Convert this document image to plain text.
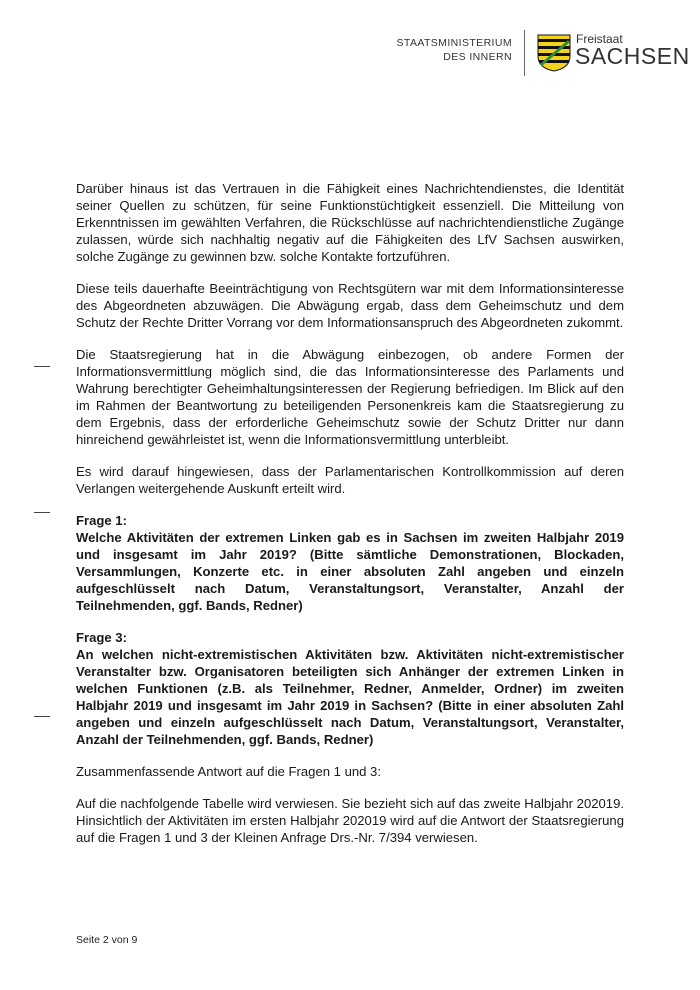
STAATSMINISTERIUM
DES INNERN
Freistaat
SACHSEN

Darüber hinaus ist das Vertrauen in die Fähigkeit eines Nachrichtendienstes, die Identität seiner Quellen zu schützen, für seine Funktionstüchtigkeit essenziell. Die Mitteilung von Erkenntnissen im gewählten Verfahren, die Rückschlüsse auf nachrichtendienstliche Zugänge zulassen, würde sich nachhaltig negativ auf die Fähigkeiten des LfV Sachsen auswirken, solche Zugänge zu gewinnen bzw. solche Kontakte fortzuführen.

Diese teils dauerhafte Beeinträchtigung von Rechtsgütern war mit dem Informationsinteresse des Abgeordneten abzuwägen. Die Abwägung ergab, dass dem Geheimschutz und dem Schutz der Rechte Dritter Vorrang vor dem Informationsanspruch des Abgeordneten zukommt.

Die Staatsregierung hat in die Abwägung einbezogen, ob andere Formen der Informationsvermittlung möglich sind, die das Informationsinteresse des Parlaments und Wahrung berechtigter Geheimhaltungsinteressen der Regierung befriedigen. Im Blick auf den im Rahmen der Beantwortung zu beteiligenden Personenkreis kam die Staatsregierung zu dem Ergebnis, dass der erforderliche Geheimschutz sowie der Schutz Dritter nur dann hinreichend gewährleistet ist, wenn die Informationsvermittlung unterbleibt.

Es wird darauf hingewiesen, dass der Parlamentarischen Kontrollkommission auf deren Verlangen weitergehende Auskunft erteilt wird.

Frage 1:
Welche Aktivitäten der extremen Linken gab es in Sachsen im zweiten Halbjahr 2019 und insgesamt im Jahr 2019? (Bitte sämtliche Demonstrationen, Blockaden, Versammlungen, Konzerte etc. in einer absoluten Zahl angeben und einzeln aufgeschlüsselt nach Datum, Veranstaltungsort, Veranstalter, Anzahl der Teilnehmenden, ggf. Bands, Redner)
Frage 3:
An welchen nicht-extremistischen Aktivitäten bzw. Aktivitäten nicht-extremistischer Veranstalter bzw. Organisatoren beteiligten sich Anhänger der extremen Linken in welchen Funktionen (z.B. als Teilnehmer, Redner, Anmelder, Ordner) im zweiten Halbjahr 2019 und insgesamt im Jahr 2019 in Sachsen? (Bitte in einer absoluten Zahl angeben und einzeln aufgeschlüsselt nach Datum, Veranstaltungsort, Veranstalter, Anzahl der Teilnehmenden, ggf. Bands, Redner)

Zusammenfassende Antwort auf die Fragen 1 und 3:

Auf die nachfolgende Tabelle wird verwiesen. Sie bezieht sich auf das zweite Halbjahr 202019. Hinsichtlich der Aktivitäten im ersten Halbjahr 202019 wird auf die Antwort der Staatsregierung auf die Fragen 1 und 3 der Kleinen Anfrage Drs.-Nr. 7/394 verwiesen.

Seite 2 von 9
